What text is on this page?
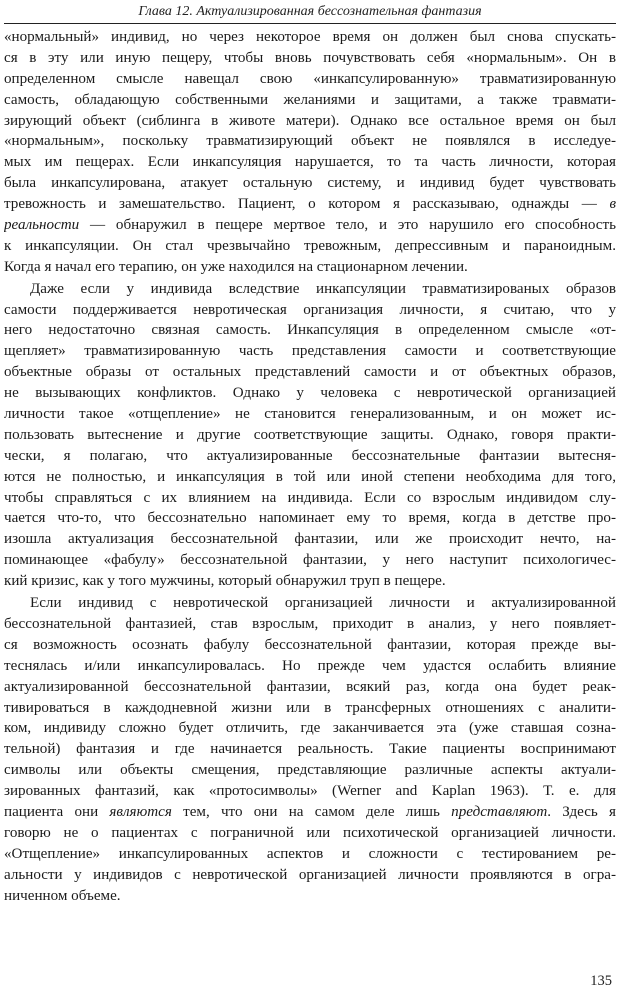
Глава 12. Актуализированная бессознательная фантазия

«нормальный» индивид, но через некоторое время он должен был снова спускать-
ся в эту или иную пещеру, чтобы вновь почувствовать себя «нормальным». Он в
определенном смысле навещал свою «инкапсулированную» травматизированную
самость, обладающую собственными желаниями и защитами, а также травмати-
зирующий объект (сиблинга в животе матери). Однако все остальное время он был
«нормальным», поскольку травматизирующий объект не появлялся в исследуе-
мых им пещерах. Если инкапсуляция нарушается, то та часть личности, которая
была инкапсулирована, атакует остальную систему, и индивид будет чувствовать
тревожность и замешательство. Пациент, о котором я рассказываю, однажды — в
реальности — обнаружил в пещере мертвое тело, и это нарушило его способность
к инкапсуляции. Он стал чрезвычайно тревожным, депрессивным и параноидным.
Когда я начал его терапию, он уже находился на стационарном лечении.

Даже если у индивида вследствие инкапсуляции травматизированых образов
самости поддерживается невротическая организация личности, я считаю, что у
него недостаточно связная самость. Инкапсуляция в определенном смысле «от-
щепляет» травматизированную часть представления самости и соответствующие
объектные образы от остальных представлений самости и от объектных образов,
не вызывающих конфликтов. Однако у человека с невротической организацией
личности такое «отщепление» не становится генерализованным, и он может ис-
пользовать вытеснение и другие соответствующие защиты. Однако, говоря практи-
чески, я полагаю, что актуализированные бессознательные фантазии вытесня-
ются не полностью, и инкапсуляция в той или иной степени необходима для того,
чтобы справляться с их влиянием на индивида. Если со взрослым индивидом слу-
чается что-то, что бессознательно напоминает ему то время, когда в детстве про-
изошла актуализация бессознательной фантазии, или же происходит нечто, на-
поминающее «фабулу» бессознательной фантазии, у него наступит психологичес-
кий кризис, как у того мужчины, который обнаружил труп в пещере.

Если индивид с невротической организацией личности и актуализированной
бессознательной фантазией, став взрослым, приходит в анализ, у него появляет-
ся возможность осознать фабулу бессознательной фантазии, которая прежде вы-
теснялась и/или инкапсулировалась. Но прежде чем удастся ослабить влияние
актуализированной бессознательной фантазии, всякий раз, когда она будет реак-
тивироваться в каждодневной жизни или в трансферных отношениях с аналити-
ком, индивиду сложно будет отличить, где заканчивается эта (уже ставшая созна-
тельной) фантазия и где начинается реальность. Такие пациенты воспринимают
символы или объекты смещения, представляющие различные аспекты актуали-
зированных фантазий, как «протосимволы» (Werner and Kaplan 1963). Т. е. для
пациента они являются тем, что они на самом деле лишь представляют. Здесь я
говорю не о пациентах с пограничной или психотической организацией личности.
«Отщепление» инкапсулированных аспектов и сложности с тестированием ре-
альности у индивидов с невротической организацией личности проявляются в огра-
ниченном объеме.

135
